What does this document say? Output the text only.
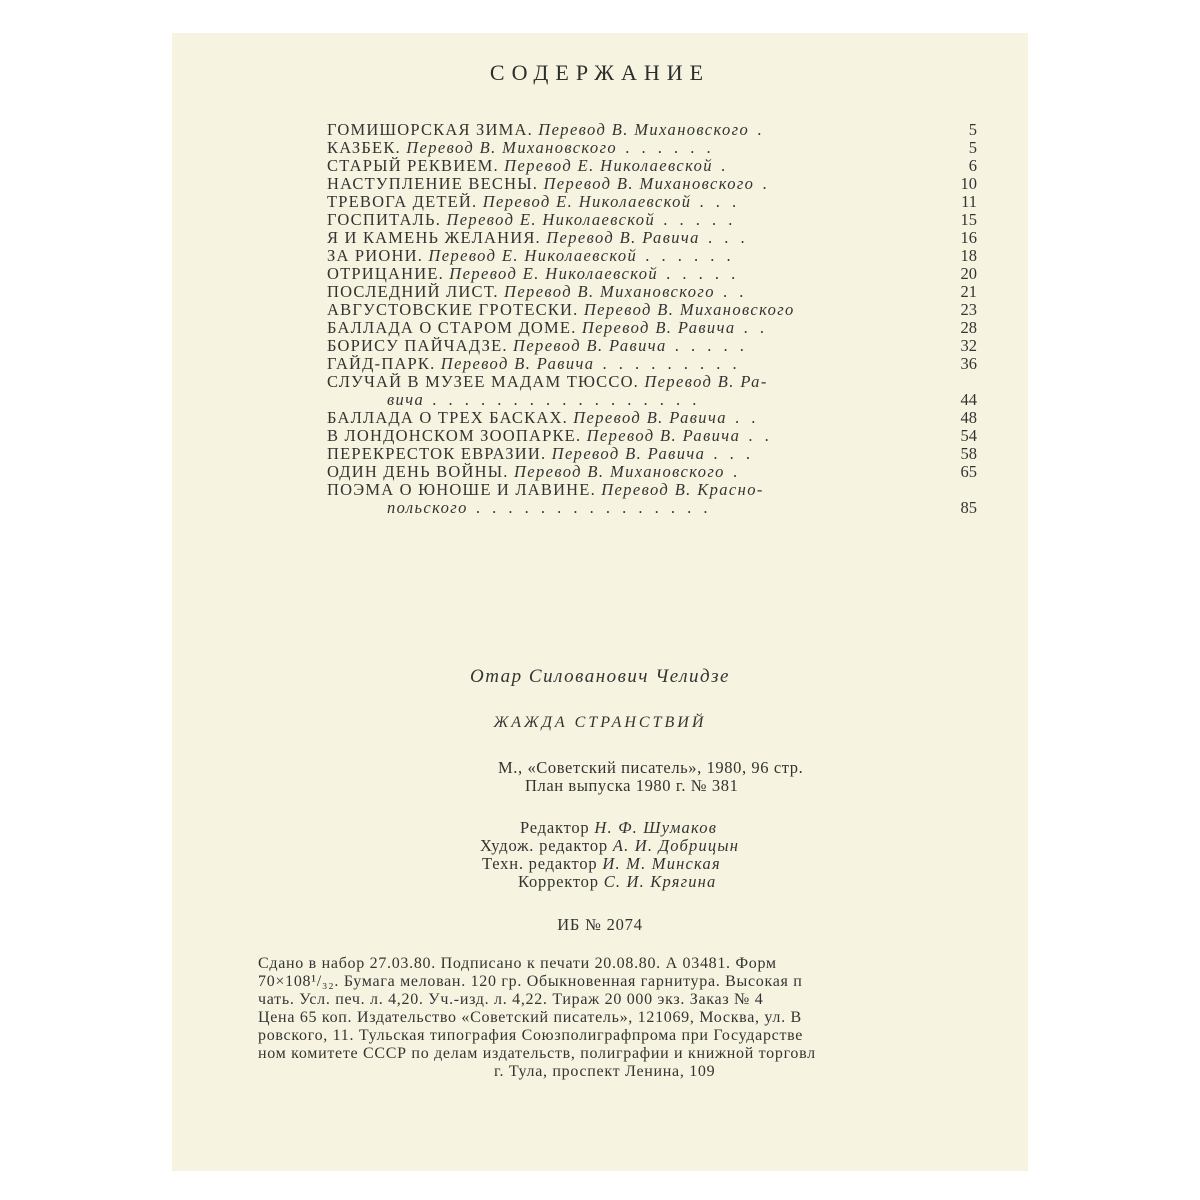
СОДЕРЖАНИЕ
ГОМИШОРСКАЯ ЗИМА. Перевод В. Михановского .	5
КАЗБЕК. Перевод В. Михановского . . . . . .	5
СТАРЫЙ РЕКВИЕМ. Перевод Е. Николаевской .	6
НАСТУПЛЕНИЕ ВЕСНЫ. Перевод В. Михановского .	10
ТРЕВОГА ДЕТЕЙ. Перевод Е. Николаевской . . .	11
ГОСПИТАЛЬ. Перевод Е. Николаевской . . . . .	15
Я И КАМЕНЬ ЖЕЛАНИЯ. Перевод В. Равича . . .	16
ЗА РИОНИ. Перевод Е. Николаевской . . . . . .	18
ОТРИЦАНИЕ. Перевод Е. Николаевской . . . . .	20
ПОСЛЕДНИЙ ЛИСТ. Перевод В. Михановского . .	21
АВГУСТОВСКИЕ ГРОТЕСКИ. Перевод В. Михановского	23
БАЛЛАДА О СТАРОМ ДОМЕ. Перевод В. Равича . .	28
БОРИСУ ПАЙЧАДЗЕ. Перевод В. Равича . . . . .	32
ГАЙД-ПАРК. Перевод В. Равича . . . . . . . . .	36
СЛУЧАЙ В МУЗЕЕ МАДАМ ТЮССО. Перевод В. Ра-
вича . . . . . . . . . . . . . . . . .	44
БАЛЛАДА О ТРЕХ БАСКАХ. Перевод В. Равича . .	48
В ЛОНДОНСКОМ ЗООПАРКЕ. Перевод В. Равича . .	54
ПЕРЕКРЕСТОК ЕВРАЗИИ. Перевод В. Равича . . .	58
ОДИН ДЕНЬ ВОЙНЫ. Перевод В. Михановского .	65
ПОЭМА О ЮНОШЕ И ЛАВИНЕ. Перевод В. Красно-
польского . . . . . . . . . . . . . . .	85
Отар Силованович Челидзе
ЖАЖДА СТРАНСТВИЙ
М., «Советский писатель», 1980, 96 стр.
План выпуска 1980 г. № 381
Редактор Н. Ф. Шумаков
Худож. редактор А. И. Добрицын
Техн. редактор И. М. Минская
Корректор С. И. Крягина
ИБ № 2074
Сдано в набор 27.03.80. Подписано к печати 20.08.80. А 03481. Форм
70×108¹/₃₂. Бумага мелован. 120 гр. Обыкновенная гарнитура. Высокая п
чать. Усл. печ. л. 4,20. Уч.-изд. л. 4,22. Тираж 20 000 экз. Заказ № 4
Цена 65 коп. Издательство «Советский писатель», 121069, Москва, ул. В
ровского, 11. Тульская типография Союзполиграфпрома при Государстве
ном комитете СССР по делам издательств, полиграфии и книжной торговл
г. Тула, проспект Ленина, 109
